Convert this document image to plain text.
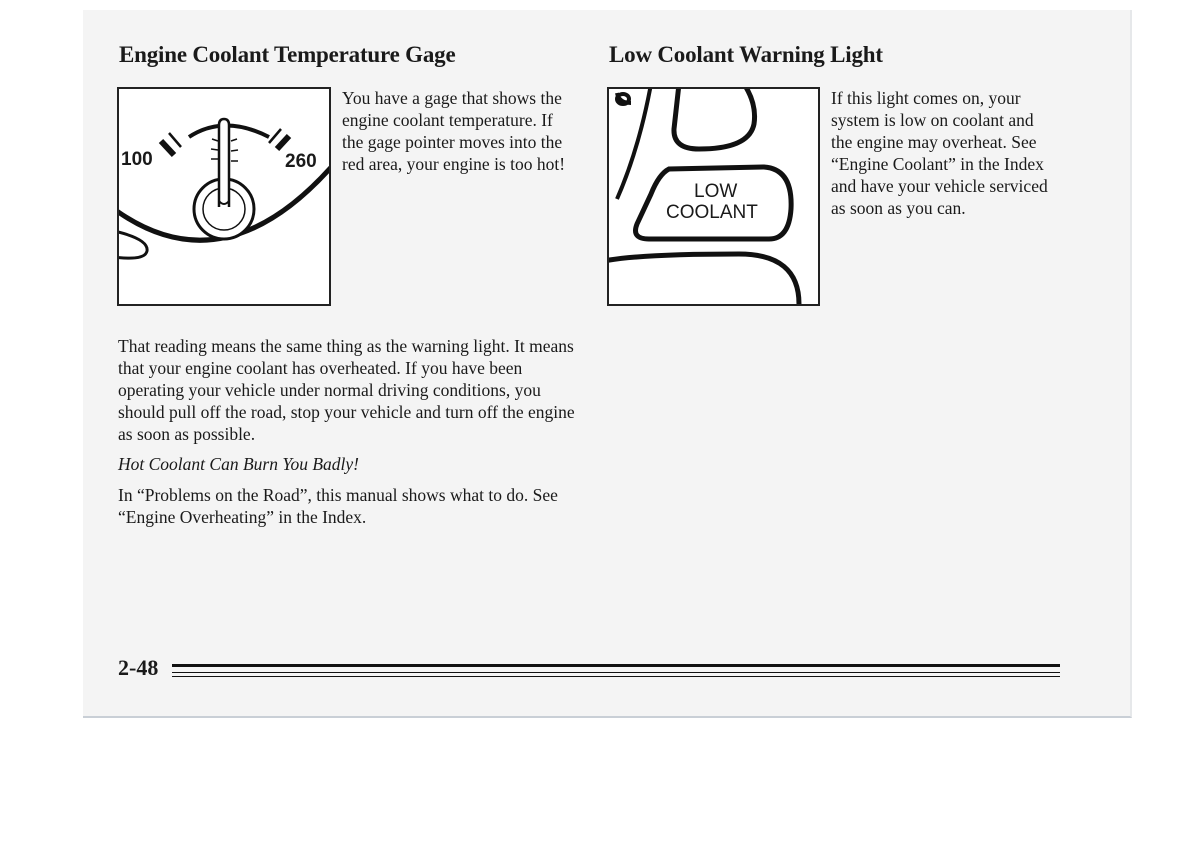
Engine Coolant Temperature Gage
100	260

You have a gage that shows the engine coolant temperature. If the gage pointer moves into the red area, your engine is too hot!

That reading means the same thing as the warning light. It means that your engine coolant has overheated. If you have been operating your vehicle under normal driving conditions, you should pull off the road, stop your vehicle and turn off the engine as soon as possible.

Hot Coolant Can Burn You Badly!

In “Problems on the Road”, this manual shows what to do. See “Engine Overheating” in the Index.

Low Coolant Warning Light
LOW
COOLANT

If this light comes on, your system is low on coolant and the engine may overheat. See “Engine Coolant” in the Index and have your vehicle serviced as soon as you can.

2-48
